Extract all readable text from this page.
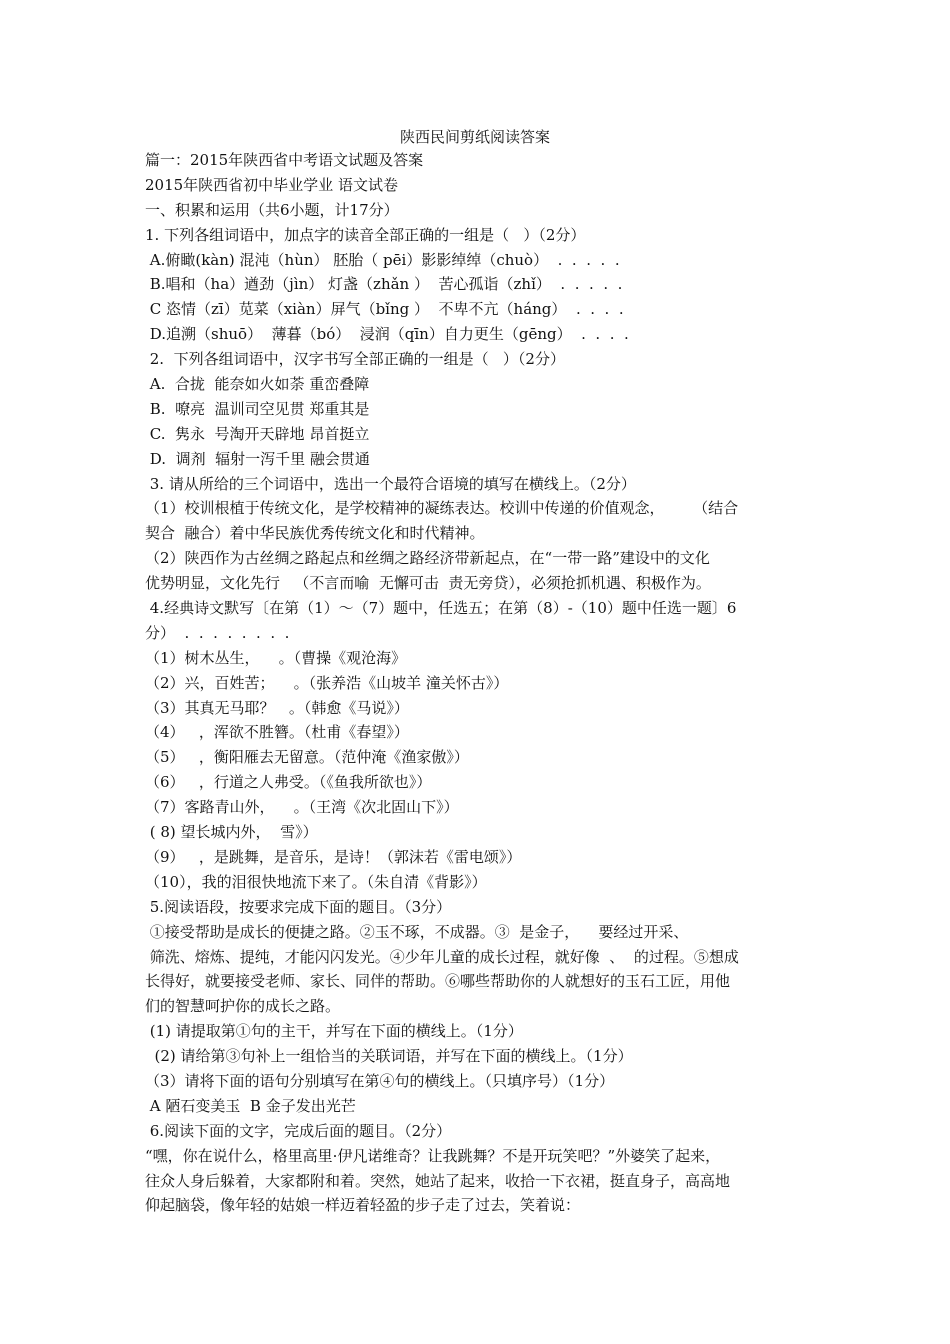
陕西民间剪纸阅读答案
篇一：2015年陕西省中考语文试题及答案
2015年陕西省初中毕业学业 语文试卷
一、积累和运用（共6小题，计17分）
1. 下列各组词语中，加点字的读音全部正确的一组是（   ）（2分）
A.俯瞰(kàn) 混沌（hùn） 胚胎（ pēi）影影绰绰（chuò）  .  .  .  .  .
B.唱和（ha）遒劲（jìn） 灯盏（zhǎn ）  苦心孤诣（zhǐ）  .  .  .  .  .
C 恣情（zī）苋菜（xiàn）屏气（bǐng ）  不卑不亢（háng）  .  .  .  .
D.追溯（shuō）  薄暮（bó）  浸润（qīn）自力更生（gēng）  .  .  .  .
2.  下列各组词语中，汉字书写全部正确的一组是（   ）（2分）
A.  合拢  能奈如火如荼 重峦叠障
B.  嘹亮  温训司空见贯 郑重其是
C.  隽永  号淘开天辟地 昂首挺立
D.  调剂  辐射一泻千里 融会贯通
3. 请从所给的三个词语中，选出一个最符合语境的填写在横线上。（2分）
（1）校训根植于传统文化，是学校精神的凝练表达。校训中传递的价值观念，      （结合
契合  融合）着中华民族优秀传统文化和时代精神。
（2）陕西作为古丝绸之路起点和丝绸之路经济带新起点，在“一带一路”建设中的文化
优势明显，文化先行   （不言而喻  无懈可击  责无旁贷），必须抢抓机遇、积极作为。
4.经典诗文默写〔在第（1）～（7）题中，任选五；在第（8）-（10）题中任选一题〕6
分）  .  .  .  .  .  .  .  .
（1）树木丛生，    。（曹操《观沧海》
（2）兴，百姓苦；    。（张养浩《山坡羊 潼关怀古》）
（3）其真无马耶？   。（韩愈《马说》）
（4）   ，浑欲不胜簪。（杜甫《春望》）
（5）   ，衡阳雁去无留意。（范仲淹《渔家傲》）
（6）   ，行道之人弗受。（《鱼我所欲也》）
（7）客路青山外，    。（王湾《次北固山下》）
( 8) 望长城内外，  雪》）
（9）   ，是跳舞，是音乐，是诗！（郭沫若《雷电颂》）
（10），我的泪很快地流下来了。（朱自清《背影》）
5.阅读语段，按要求完成下面的题目。（3分）
①接受帮助是成长的便捷之路。②玉不琢，不成器。③  是金子，    要经过开采、
筛洗、熔炼、提纯，才能闪闪发光。④少年儿童的成长过程，就好像  、  的过程。⑤想成
长得好，就要接受老师、家长、同伴的帮助。⑥哪些帮助你的人就想好的玉石工匠，用他
们的智慧呵护你的成长之路。
(1) 请提取第①句的主干，并写在下面的横线上。（1分）
(2) 请给第③句补上一组恰当的关联词语，并写在下面的横线上。（1分）
（3）请将下面的语句分别填写在第④句的横线上。（只填序号）（1分）
A 陋石变美玉  B 金子发出光芒
6.阅读下面的文字，完成后面的题目。（2分）
“嘿，你在说什么，格里高里·伊凡诺维奇？让我跳舞？不是开玩笑吧？”外婆笑了起来，
往众人身后躲着，大家都附和着。突然，她站了起来，收拾一下衣裙，挺直身子，高高地
仰起脑袋，像年轻的姑娘一样迈着轻盈的步子走了过去，笑着说：
